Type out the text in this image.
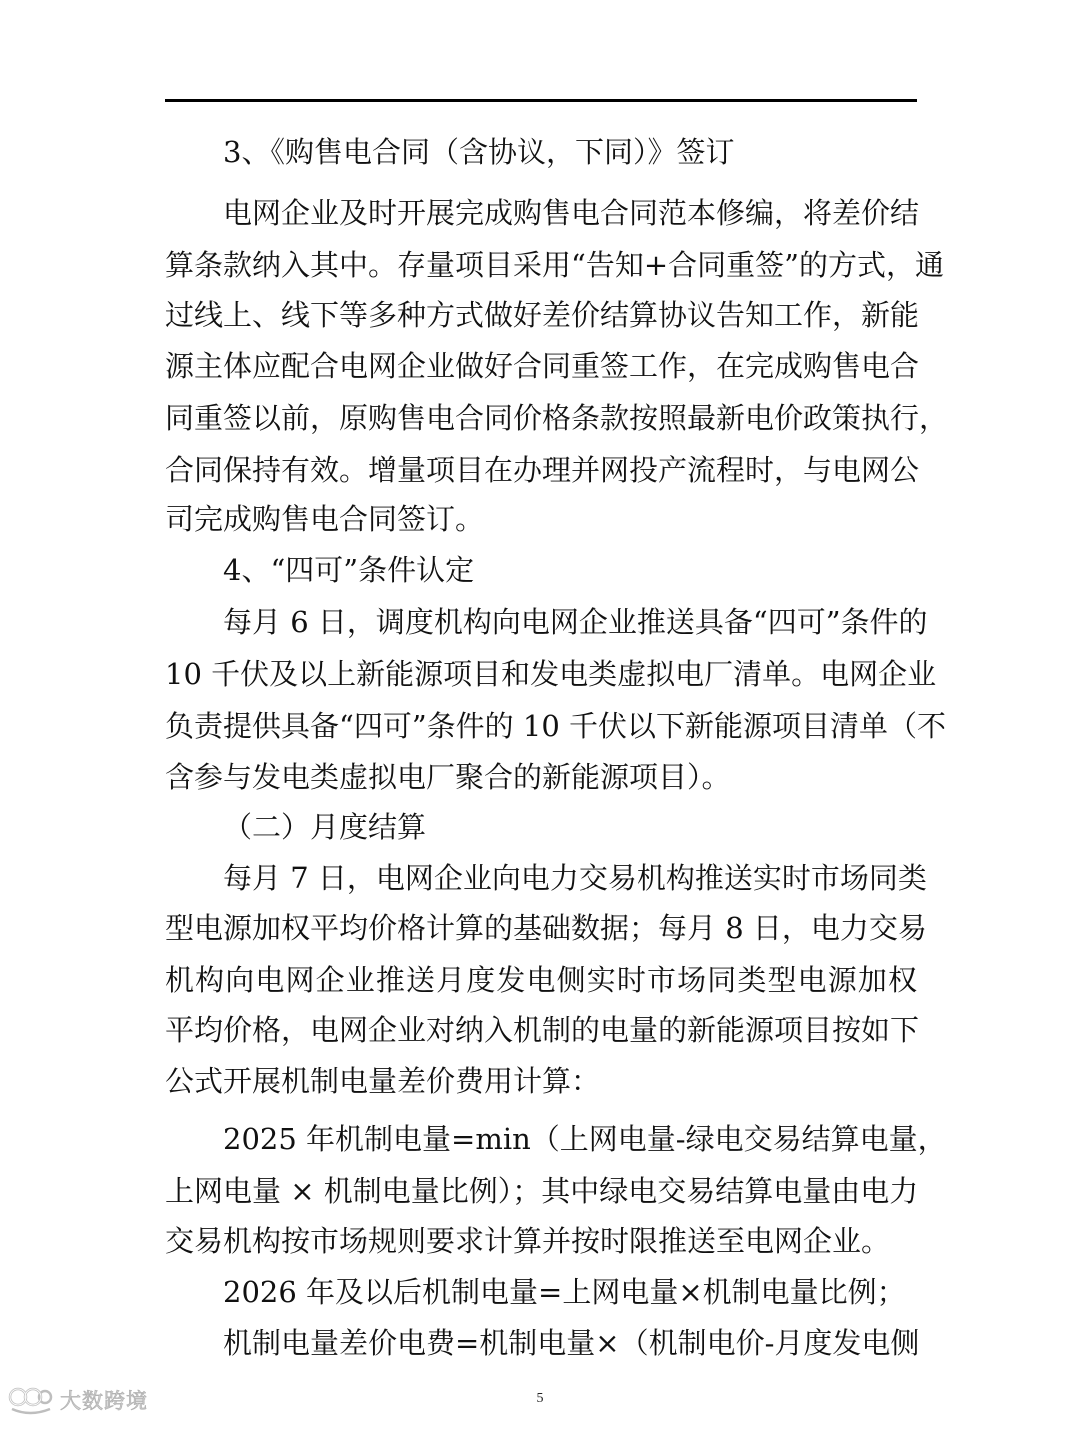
3、《购售电合同（含协议，下同）》签订
电网企业及时开展完成购售电合同范本修编，将差价结
算条款纳入其中。存量项目采用“告知+合同重签”的方式，通
过线上、线下等多种方式做好差价结算协议告知工作，新能
源主体应配合电网企业做好合同重签工作，在完成购售电合
同重签以前，原购售电合同价格条款按照最新电价政策执行，
合同保持有效。增量项目在办理并网投产流程时，与电网公
司完成购售电合同签订。
4、“四可”条件认定
每月 6 日，调度机构向电网企业推送具备“四可”条件的
10 千伏及以上新能源项目和发电类虚拟电厂清单。电网企业
负责提供具备“四可”条件的 10 千伏以下新能源项目清单（不
含参与发电类虚拟电厂聚合的新能源项目）。
（二）月度结算
每月 7 日，电网企业向电力交易机构推送实时市场同类
型电源加权平均价格计算的基础数据；每月 8 日，电力交易
机构向电网企业推送月度发电侧实时市场同类型电源加权
平均价格，电网企业对纳入机制的电量的新能源项目按如下
公式开展机制电量差价费用计算：
2025 年机制电量=min（上网电量-绿电交易结算电量，
上网电量 × 机制电量比例）；其中绿电交易结算电量由电力
交易机构按市场规则要求计算并按时限推送至电网企业。
2026 年及以后机制电量=上网电量×机制电量比例；
机制电量差价电费=机制电量×（机制电价-月度发电侧
5
大数跨境
